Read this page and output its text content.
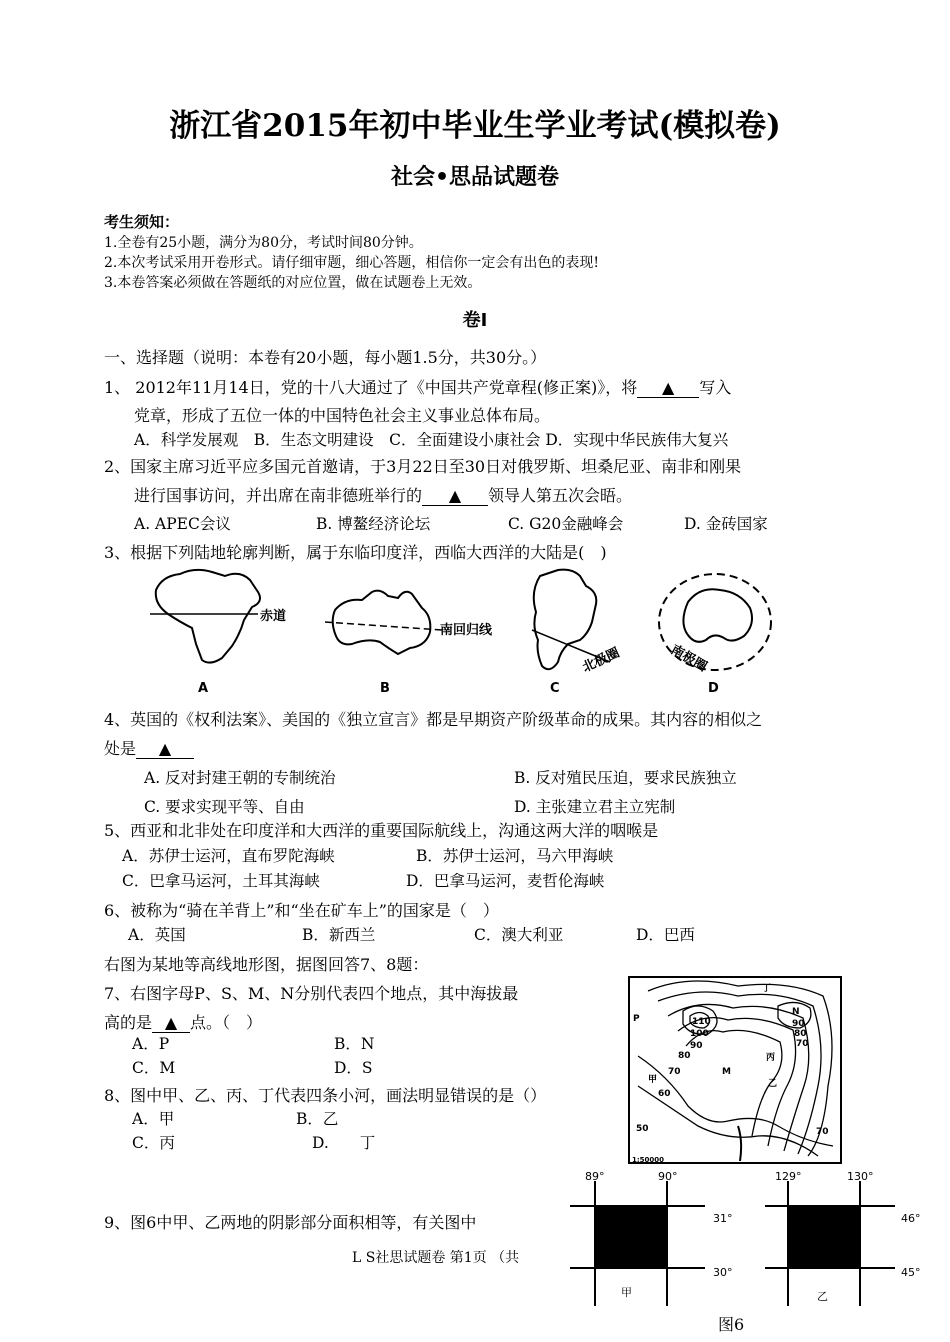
浙江省2015年初中毕业生学业考试(模拟卷)
社会•思品试题卷
考生须知：
1.全卷有25小题，满分为80分，考试时间80分钟。
2.本次考试采用开卷形式。请仔细审题，细心答题，相信你一定会有出色的表现!
3.本卷答案必须做在答题纸的对应位置，做在试题卷上无效。
卷Ⅰ
一、选择题（说明：本卷有20小题，每小题1.5分，共30分。）
1、 2012年11月14日，党的十八大通过了《中国共产党章程(修正案)》，将 ▲ 写入
党章，形成了五位一体的中国特色社会主义事业总体布局。
A．科学发展观　B．生态文明建设　C．全面建设小康社会 D．实现中华民族伟大复兴
2、国家主席习近平应多国元首邀请，于3月22日至30日对俄罗斯、坦桑尼亚、南非和刚果
进行国事访问，并出席在南非德班举行的 ▲ 领导人第五次会晤。
A. APEC会议	B. 博鳌经济论坛	C. G20金融峰会	D. 金砖国家
3、根据下列陆地轮廓判断，属于东临印度洋，西临大西洋的大陆是(　)
赤道
A
南回归线
B
北极圈
C
南极圈
D
4、英国的《权利法案》、美国的《独立宣言》都是早期资产阶级革命的成果。其内容的相似之
处是 ▲
A. 反对封建王朝的专制统治	B. 反对殖民压迫，要求民族独立
C. 要求实现平等、自由	D. 主张建立君主立宪制
5、西亚和北非处在印度洋和大西洋的重要国际航线上，沟通这两大洋的咽喉是
A．苏伊士运河，直布罗陀海峡	B．苏伊士运河，马六甲海峡
C．巴拿马运河，土耳其海峡	D．巴拿马运河，麦哲伦海峡
6、被称为“骑在羊背上”和“坐在矿车上”的国家是（　）
A．英国	B．新西兰	C．澳大利亚	D．巴西
右图为某地等高线地形图，据图回答7、8题：
7、右图字母P、S、M、N分别代表四个地点，其中海拔最
高的是 ▲ 点。（　）
A．P	B．N
C．M	D．S
8、图中甲、乙、丙、丁代表四条小河，画法明显错误的是（）
A．甲	B．乙
C．丙	D.　　丁
P
N
M
丁
丙
乙
甲
110
100
90
80
70
60
50
90
80
70
70
1:50000
9、图6中甲、乙两地的阴影部分面积相等，有关图中
89°	90°
31°
30°
甲
129°	130°
46°
45°
乙
图6
L S社思试题卷 第1页 （共
